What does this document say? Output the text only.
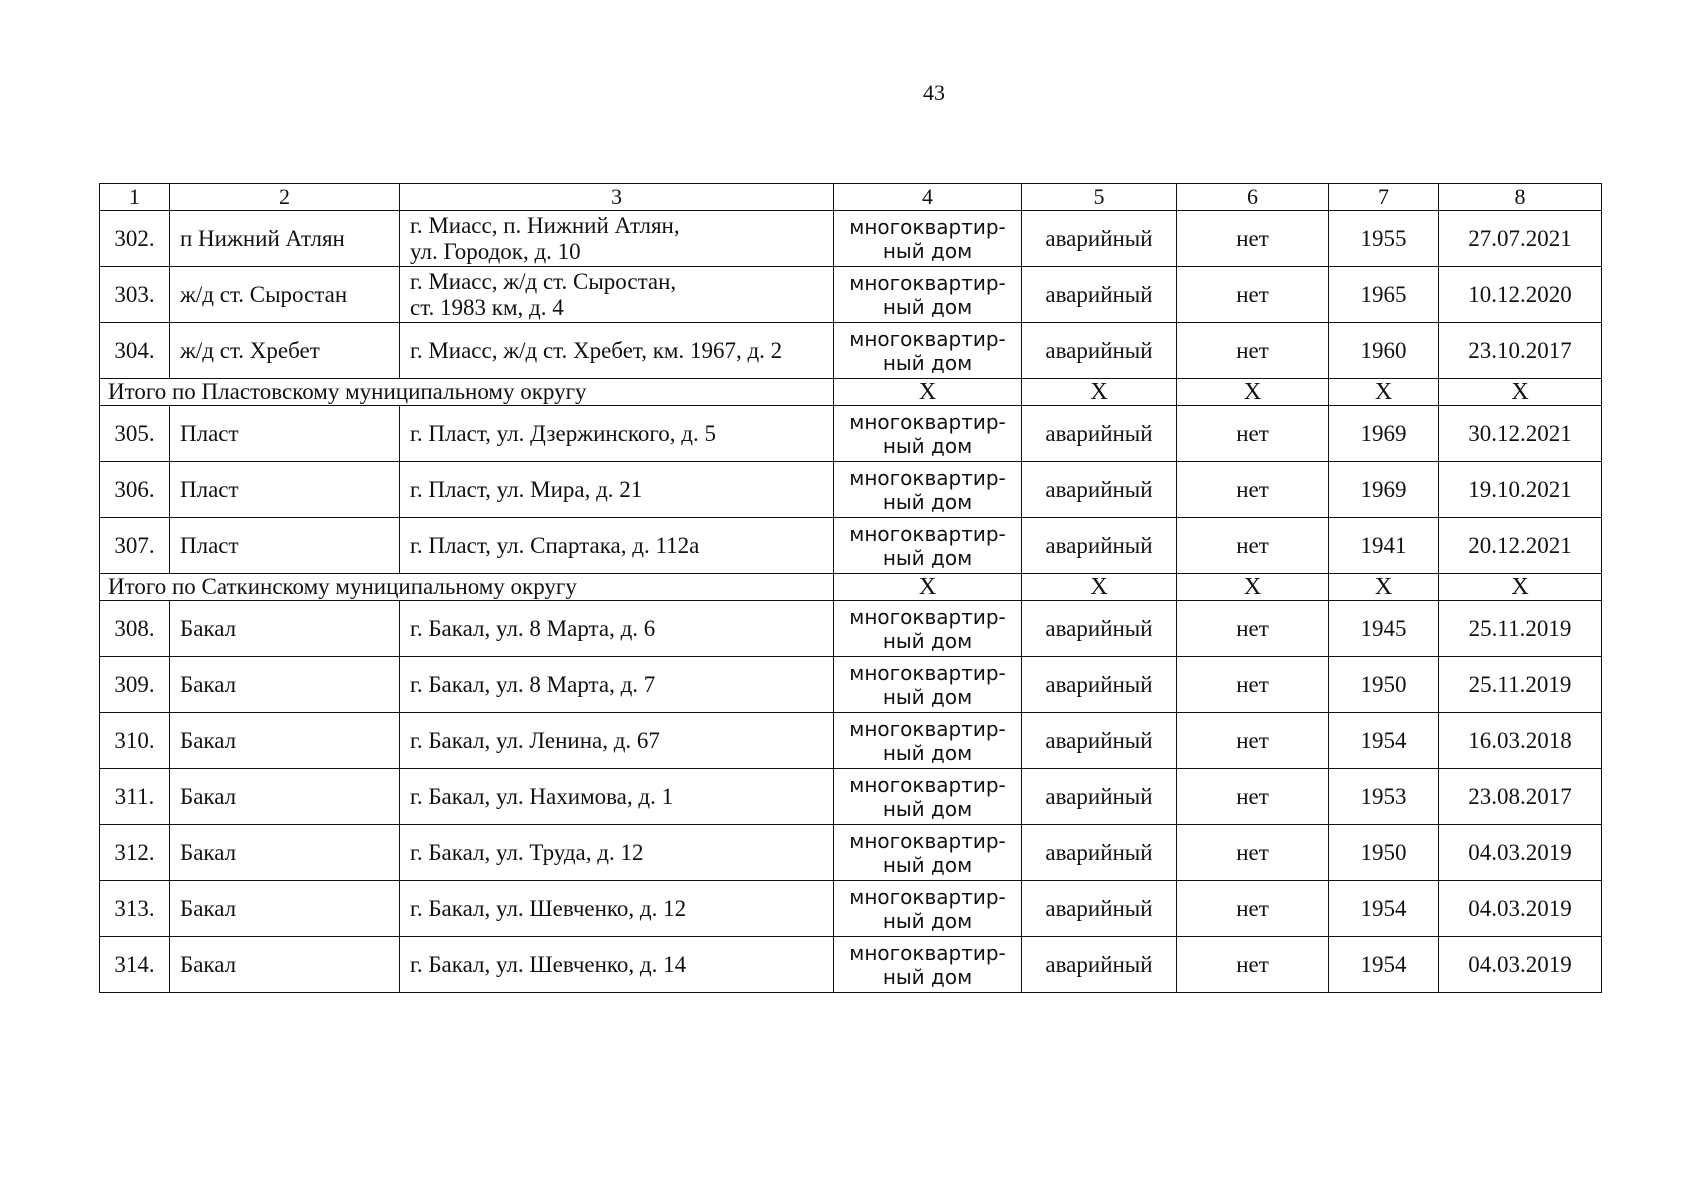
43
1	2	3	4	5	6	7	8
302.	п Нижний Атлян	г. Миасс, п. Нижний Атлян,
ул. Городок, д. 10	многоквартир-
ный дом	аварийный	нет	1955	27.07.2021
303.	ж/д ст. Сыростан	г. Миасс, ж/д ст. Сыростан,
ст. 1983 км, д. 4	многоквартир-
ный дом	аварийный	нет	1965	10.12.2020
304.	ж/д ст. Хребет	г. Миасс, ж/д ст. Хребет, км. 1967, д. 2	многоквартир-
ный дом	аварийный	нет	1960	23.10.2017
Итого по Пластовскому муниципальному округу			X	X	X	X	X
305.	Пласт	г. Пласт, ул. Дзержинского, д. 5	многоквартир-
ный дом	аварийный	нет	1969	30.12.2021
306.	Пласт	г. Пласт, ул. Мира, д. 21	многоквартир-
ный дом	аварийный	нет	1969	19.10.2021
307.	Пласт	г. Пласт, ул. Спартака, д. 112а	многоквартир-
ный дом	аварийный	нет	1941	20.12.2021
Итого по Саткинскому муниципальному округу			X	X	X	X	X
308.	Бакал	г. Бакал, ул. 8 Марта, д. 6	многоквартир-
ный дом	аварийный	нет	1945	25.11.2019
309.	Бакал	г. Бакал, ул. 8 Марта, д. 7	многоквартир-
ный дом	аварийный	нет	1950	25.11.2019
310.	Бакал	г. Бакал, ул. Ленина, д. 67	многоквартир-
ный дом	аварийный	нет	1954	16.03.2018
311.	Бакал	г. Бакал, ул. Нахимова, д. 1	многоквартир-
ный дом	аварийный	нет	1953	23.08.2017
312.	Бакал	г. Бакал, ул. Труда, д. 12	многоквартир-
ный дом	аварийный	нет	1950	04.03.2019
313.	Бакал	г. Бакал, ул. Шевченко, д. 12	многоквартир-
ный дом	аварийный	нет	1954	04.03.2019
314.	Бакал	г. Бакал, ул. Шевченко, д. 14	многоквартир-
ный дом	аварийный	нет	1954	04.03.2019
